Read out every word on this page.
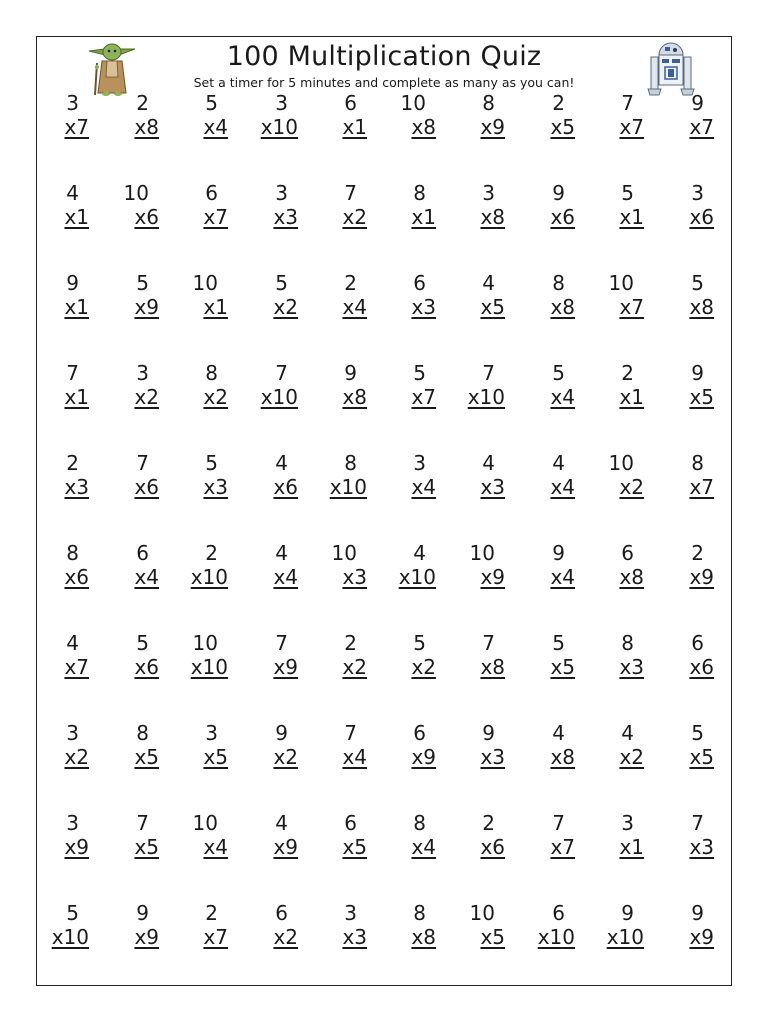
100 Multiplication Quiz
Set a timer for 5 minutes and complete as many as you can!
3
x7
2
x8
5
x4
3
x10
6
x1
10
x8
8
x9
2
x5
7
x7
9
x7
4
x1
10
x6
6
x7
3
x3
7
x2
8
x1
3
x8
9
x6
5
x1
3
x6
9
x1
5
x9
10
x1
5
x2
2
x4
6
x3
4
x5
8
x8
10
x7
5
x8
7
x1
3
x2
8
x2
7
x10
9
x8
5
x7
7
x10
5
x4
2
x1
9
x5
2
x3
7
x6
5
x3
4
x6
8
x10
3
x4
4
x3
4
x4
10
x2
8
x7
8
x6
6
x4
2
x10
4
x4
10
x3
4
x10
10
x9
9
x4
6
x8
2
x9
4
x7
5
x6
10
x10
7
x9
2
x2
5
x2
7
x8
5
x5
8
x3
6
x6
3
x2
8
x5
3
x5
9
x2
7
x4
6
x9
9
x3
4
x8
4
x2
5
x5
3
x9
7
x5
10
x4
4
x9
6
x5
8
x4
2
x6
7
x7
3
x1
7
x3
5
x10
9
x9
2
x7
6
x2
3
x3
8
x8
10
x5
6
x10
9
x10
9
x9
